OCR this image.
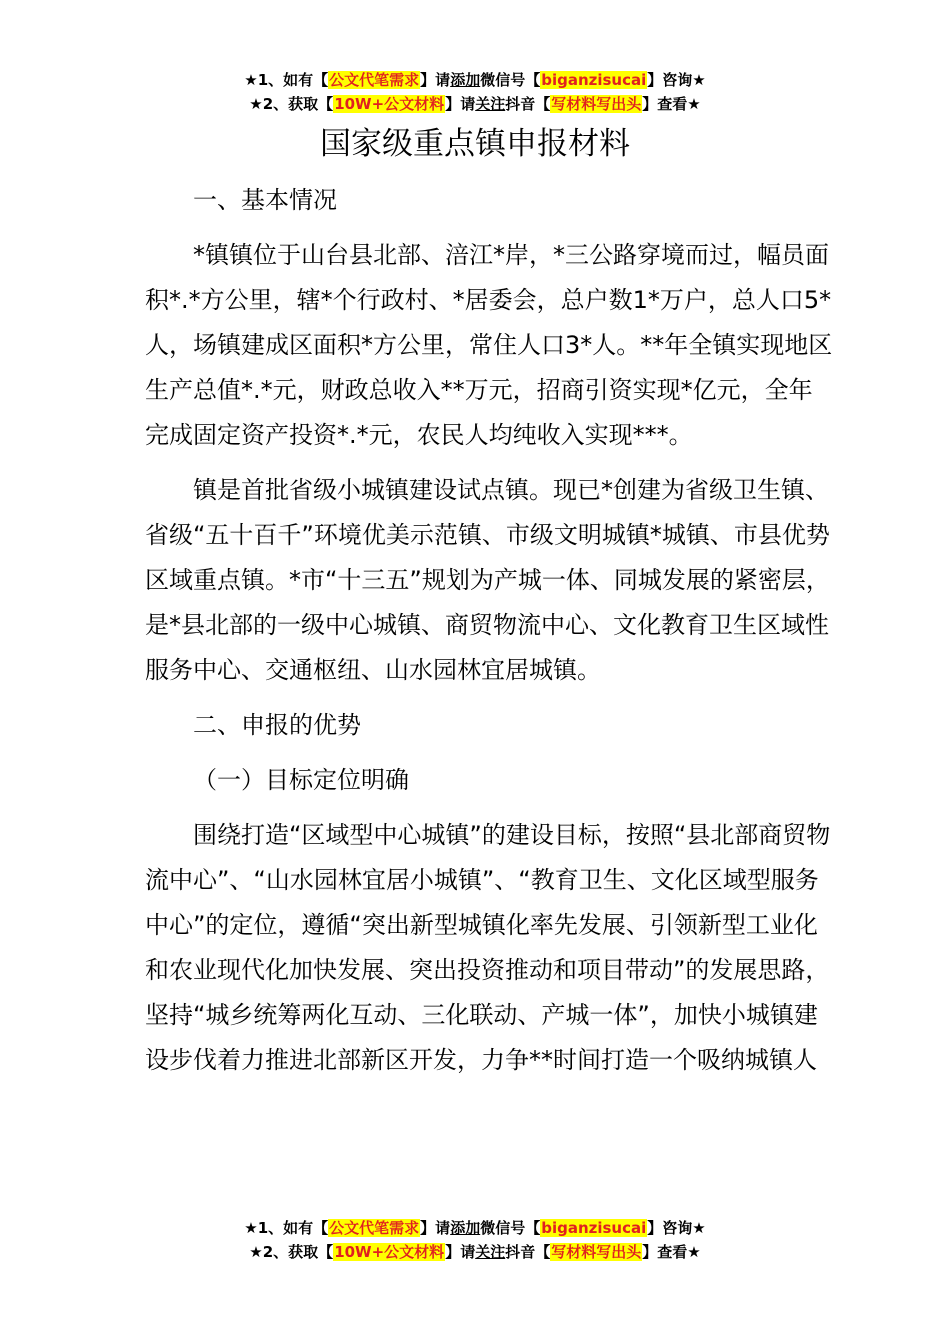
★1、如有【公文代笔需求】请添加微信号【biganzisucai】咨询★
★2、获取【10W+公文材料】请关注抖音【写材料写出头】查看★
国家级重点镇申报材料

一、基本情况

*镇镇位于山台县北部、涪江*岸，*三公路穿境而过，幅员面积*.*方公里，辖*个行政村、*居委会，总户数1*万户，总人口5*人，场镇建成区面积*方公里，常住人口3*人。**年全镇实现地区生产总值*.*元，财政总收入**万元，招商引资实现*亿元，全年完成固定资产投资*.*元，农民人均纯收入实现***。

镇是首批省级小城镇建设试点镇。现已*创建为省级卫生镇、省级“五十百千”环境优美示范镇、市级文明城镇*城镇、市县优势区域重点镇。*市“十三五”规划为产城一体、同城发展的紧密层，是*县北部的一级中心城镇、商贸物流中心、文化教育卫生区域性服务中心、交通枢纽、山水园林宜居城镇。

二、申报的优势

（一）目标定位明确

围绕打造“区域型中心城镇”的建设目标，按照“县北部商贸物流中心”、“山水园林宜居小城镇”、“教育卫生、文化区域型服务中心”的定位，遵循“突出新型城镇化率先发展、引领新型工业化和农业现代化加快发展、突出投资推动和项目带动”的发展思路，坚持“城乡统筹两化互动、三化联动、产城一体”，加快小城镇建设步伐着力推进北部新区开发，力争**时间打造一个吸纳城镇人

★1、如有【公文代笔需求】请添加微信号【biganzisucai】咨询★
★2、获取【10W+公文材料】请关注抖音【写材料写出头】查看★
